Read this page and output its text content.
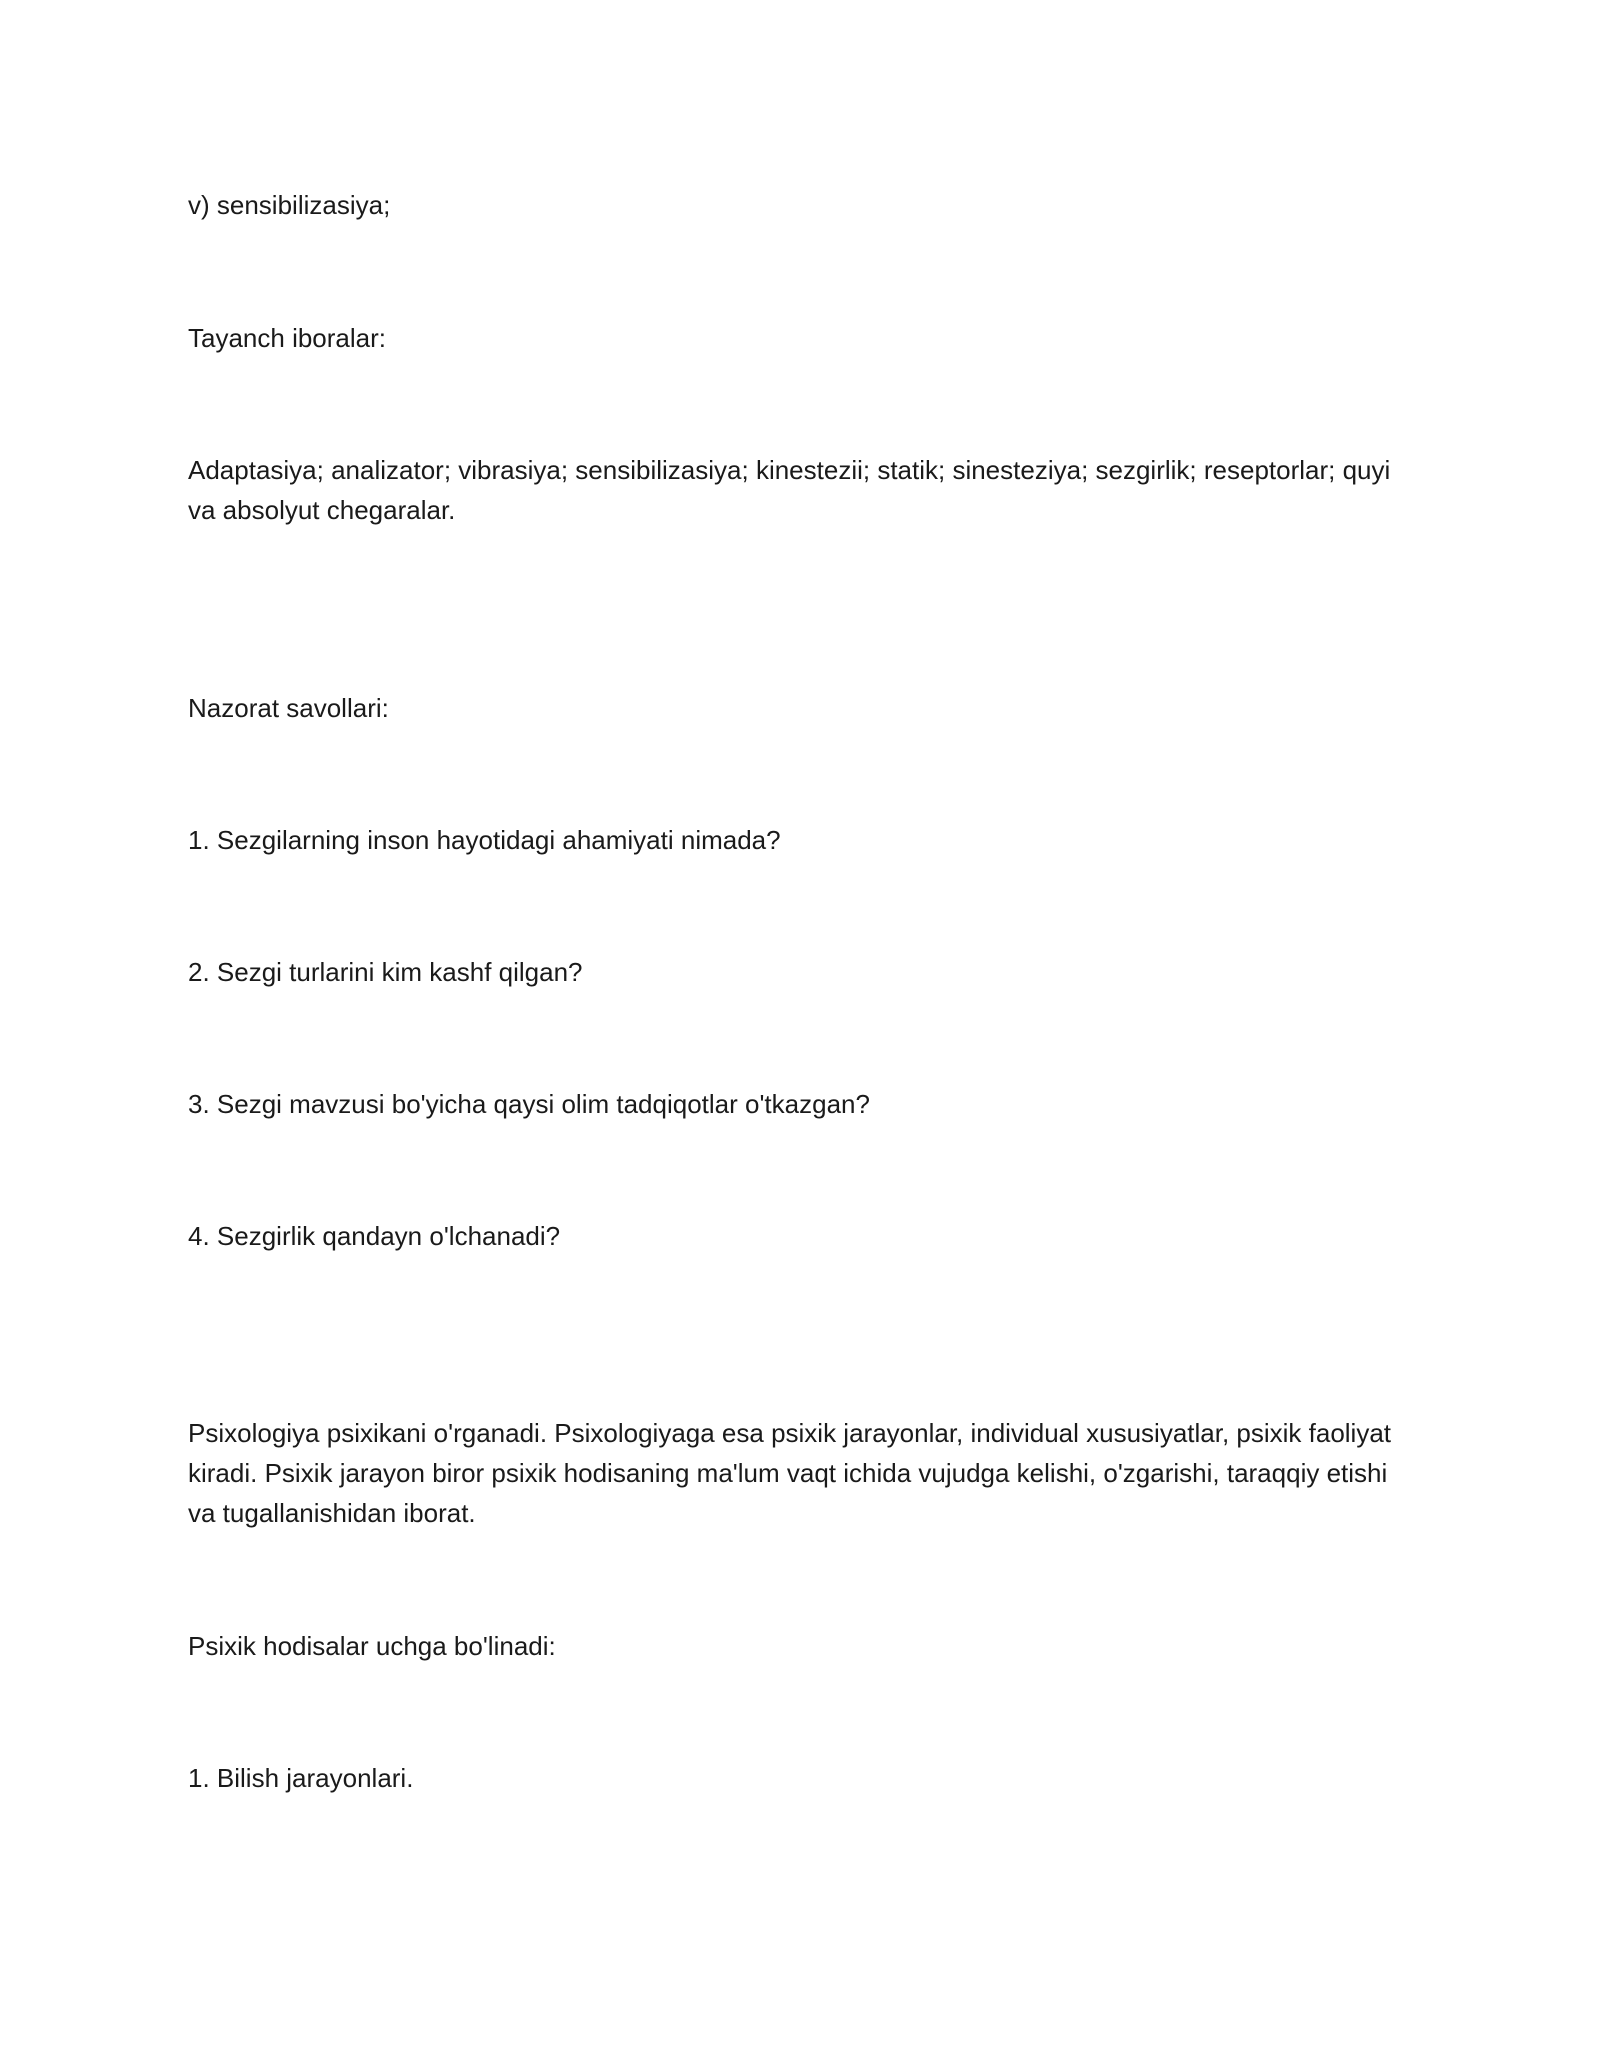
v) sensibilizasiya;

Tayanch iboralar:

Adaptasiya; analizator; vibrasiya; sensibilizasiya; kinestezii; statik; sinesteziya; sezgirlik; reseptorlar; quyi va absolyut chegaralar.

Nazorat savollari:

1. Sezgilarning inson hayotidagi ahamiyati nimada?

2. Sezgi turlarini kim kashf qilgan?

3. Sezgi mavzusi bo'yicha qaysi olim tadqiqotlar o'tkazgan?

4. Sezgirlik qandayn o'lchanadi?

Psixologiya psixikani o'rganadi. Psixologiyaga esa psixik jarayonlar, individual xususiyatlar, psixik faoliyat kiradi. Psixik jarayon biror psixik hodisaning ma'lum vaqt ichida vujudga kelishi, o'zgarishi, taraqqiy etishi va tugallanishidan iborat.

Psixik hodisalar uchga bo'linadi:

1. Bilish jarayonlari.
